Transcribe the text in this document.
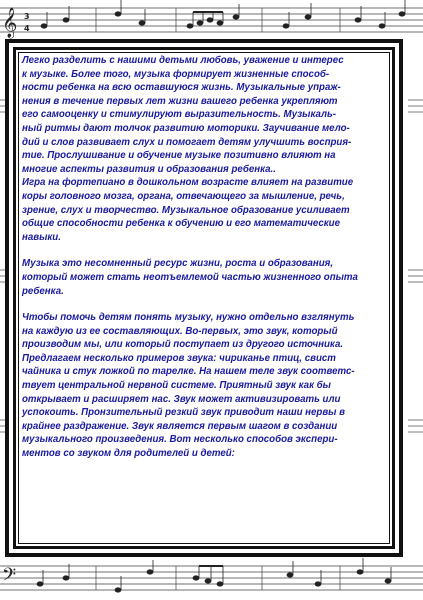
𝄞 3
4
𝄢

Легко разделить с нашими детьми любовь, уважение и интерес
к музыке. Более того, музыка формирует жизненные способ-
ности ребенка на всю оставшуюся жизнь. Музыкальные упраж-
нения в течение первых лет жизни вашего ребенка укрепляют
его самооценку и стимулируют выразительность. Музыкаль-
ный ритмы дают толчок развитию моторики. Заучивание мело-
дий и слов развивает слух и помогает детям улучшить восприя-
тие. Прослушивание и обучение музыке позитивно влияют на
многие аспекты развития и образования ребенка..
Игра на фортепиано в дошкольном возрасте влияет на развитие
коры головного мозга, органа, отвечающего за мышление, речь,
зрение, слух и творчество. Музыкальное образование усиливает
общие способности ребенка к обучению и его математические
навыки.

Музыка это несомненный ресурс жизни, роста и образования,
который может стать неотъемлемой частью жизненного опыта
ребенка.

Чтобы помочь детям понять музыку, нужно отдельно взглянуть
на каждую из ее составляющих. Во-первых, это звук, который
производим мы, или который поступает из другого источника.
Предлагаем несколько примеров звука: чириканье птиц, свист
чайника и стук ложкой по тарелке. На нашем теле звук соответс-
твует центральной нервной системе. Приятный звук как бы
открывает и расширяет нас. Звук может активизировать или
успокоить. Пронзительный резкий звук приводит наши нервы в
крайнее раздражение. Звук является первым шагом в создании
музыкального произведения. Вот несколько способов экспери-
ментов со звуком для родителей и детей:
